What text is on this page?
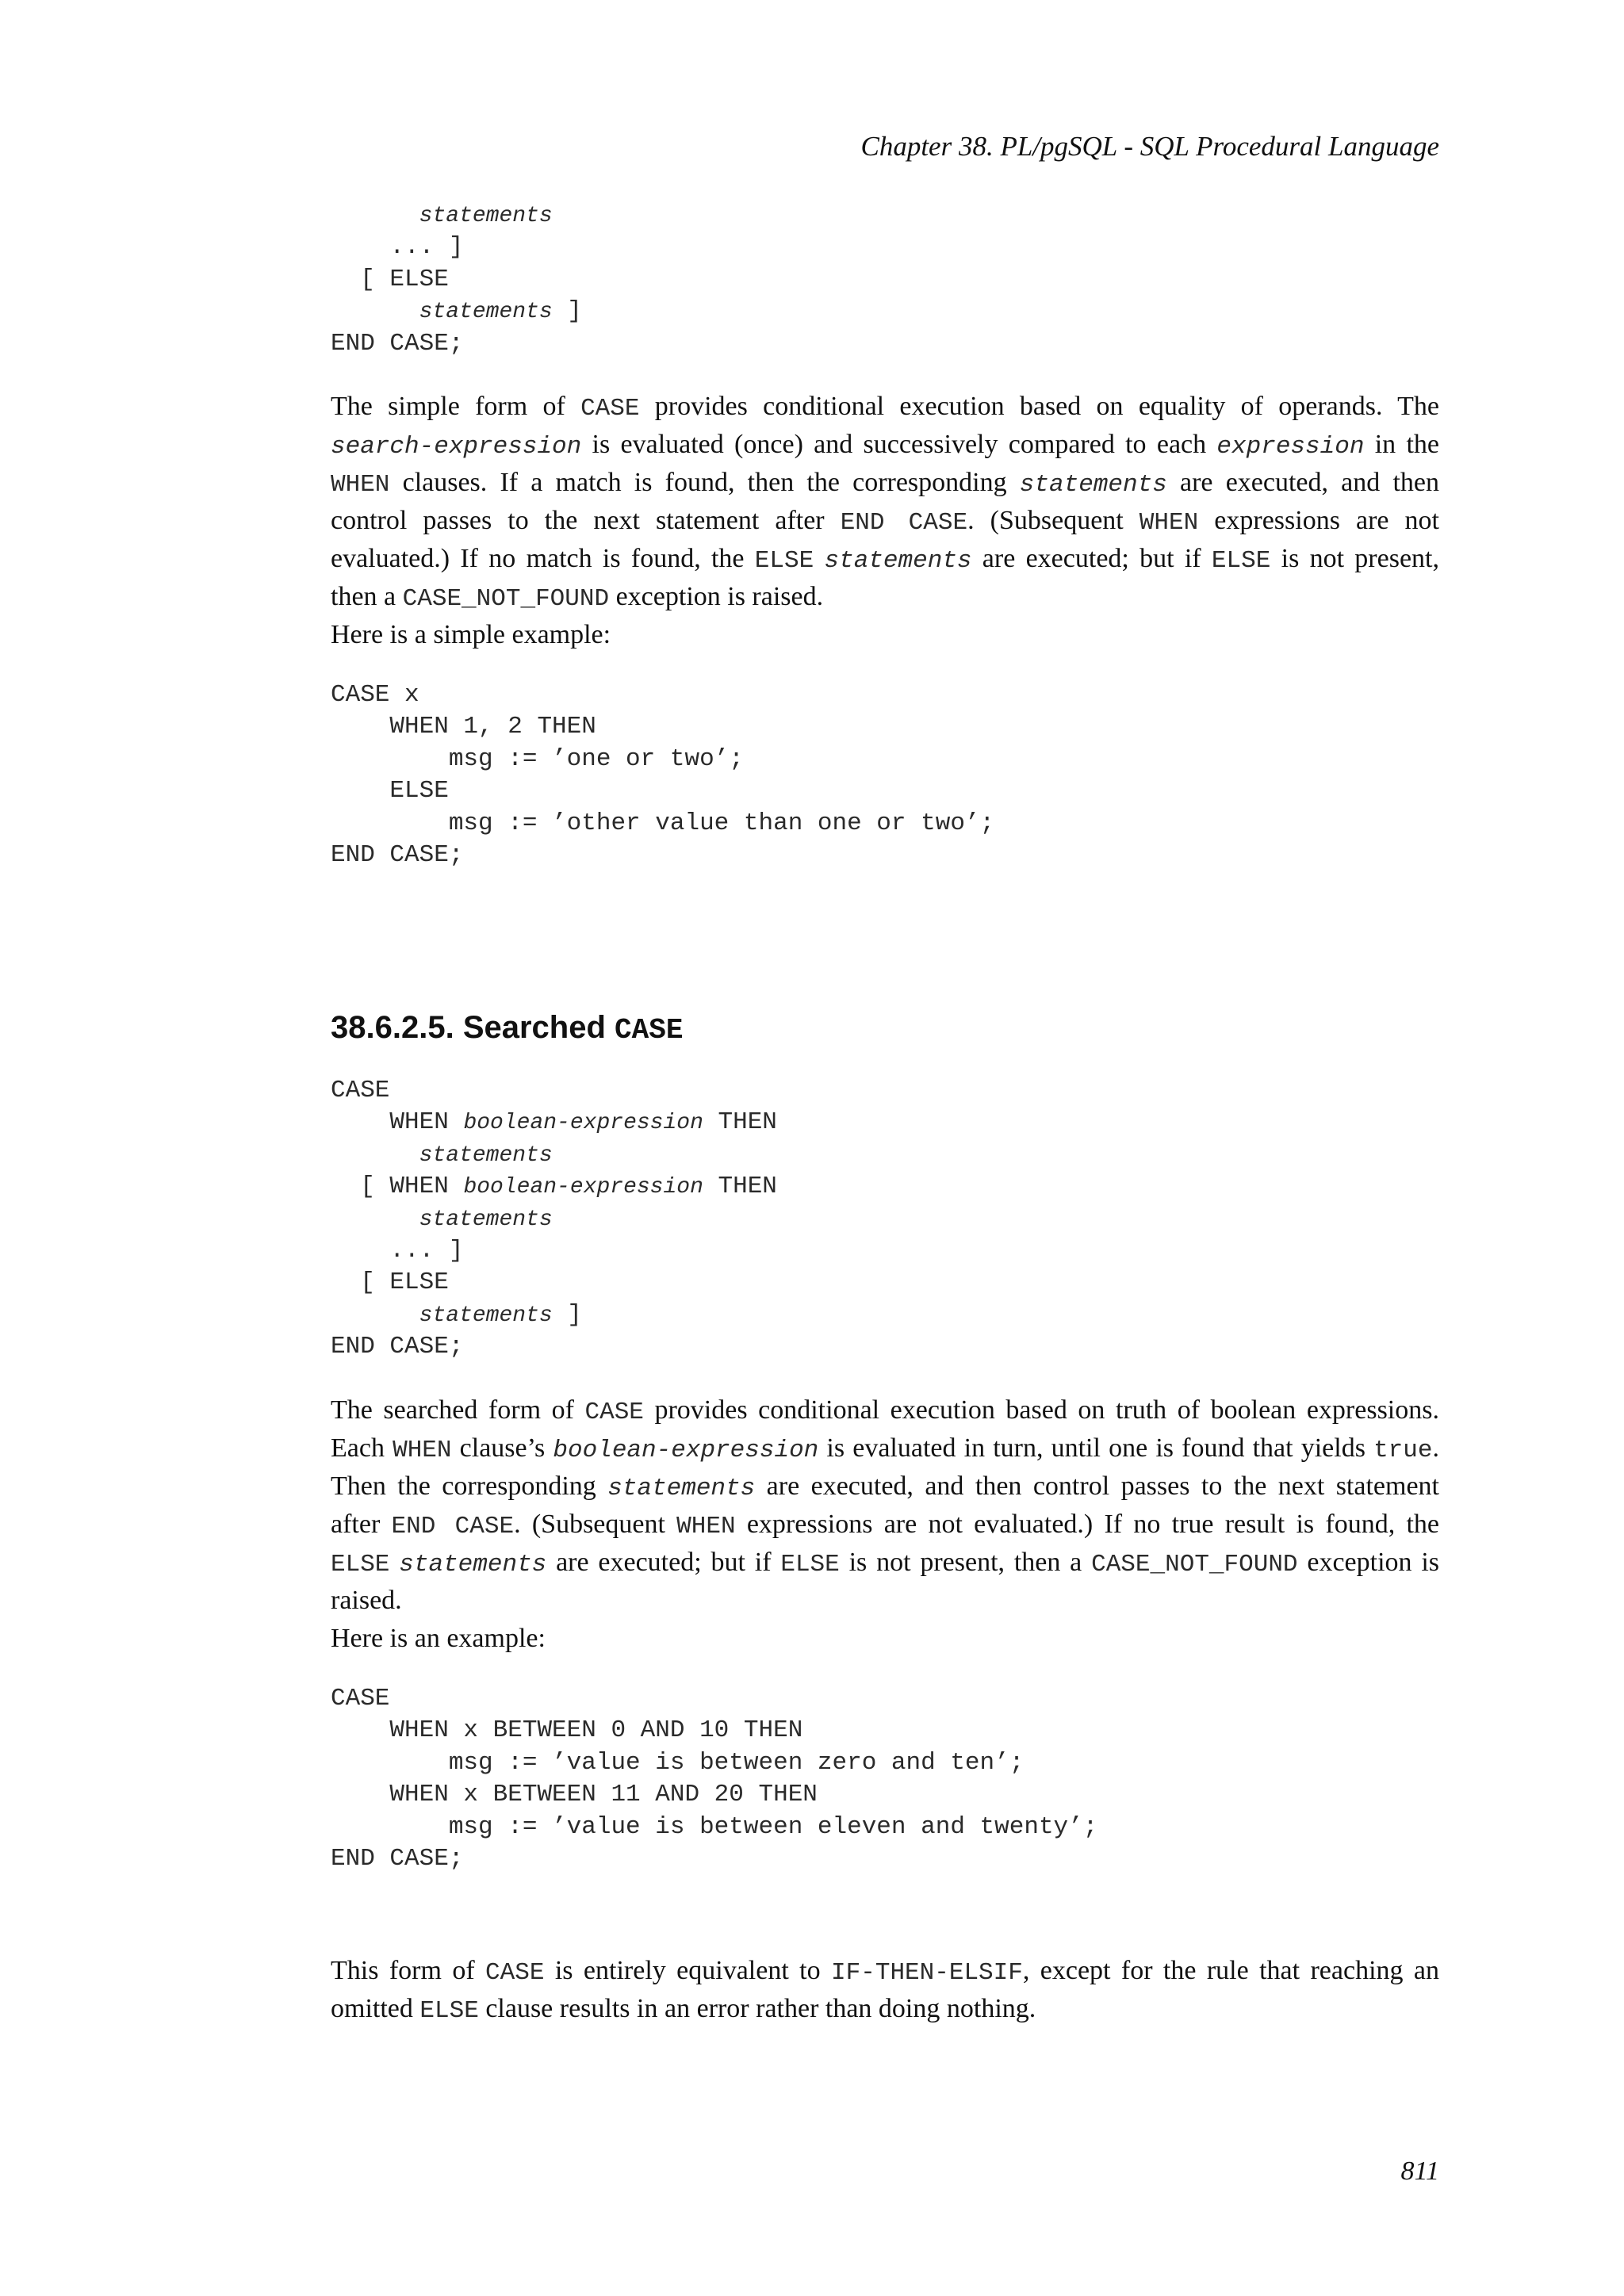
Chapter 38. PL/pgSQL - SQL Procedural Language
statements
... ]
[ ELSE
statements ]
END CASE;
The simple form of CASE provides conditional execution based on equality of operands. The
search-expression is evaluated (once) and successively compared to each expression in the
WHEN clauses. If a match is found, then the corresponding statements are executed, and then
control passes to the next statement after END CASE. (Subsequent WHEN expressions are not
evaluated.) If no match is found, the ELSE statements are executed; but if ELSE is not present,
then a CASE_NOT_FOUND exception is raised.
Here is a simple example:
CASE x
WHEN 1, 2 THEN
msg := ’one or two’;
ELSE
msg := ’other value than one or two’;
END CASE;
38.6.2.5. Searched CASE
CASE
WHEN boolean-expression THEN
statements
[ WHEN boolean-expression THEN
statements
... ]
[ ELSE
statements ]
END CASE;
The searched form of CASE provides conditional execution based on truth of boolean expressions.
Each WHEN clause’s boolean-expression is evaluated in turn, until one is found that yields true.
Then the corresponding statements are executed, and then control passes to the next statement
after END CASE. (Subsequent WHEN expressions are not evaluated.) If no true result is found, the
ELSE statements are executed; but if ELSE is not present, then a CASE_NOT_FOUND exception is
raised.
Here is an example:
CASE
WHEN x BETWEEN 0 AND 10 THEN
msg := ’value is between zero and ten’;
WHEN x BETWEEN 11 AND 20 THEN
msg := ’value is between eleven and twenty’;
END CASE;
This form of CASE is entirely equivalent to IF-THEN-ELSIF, except for the rule that reaching an
omitted ELSE clause results in an error rather than doing nothing.
811
